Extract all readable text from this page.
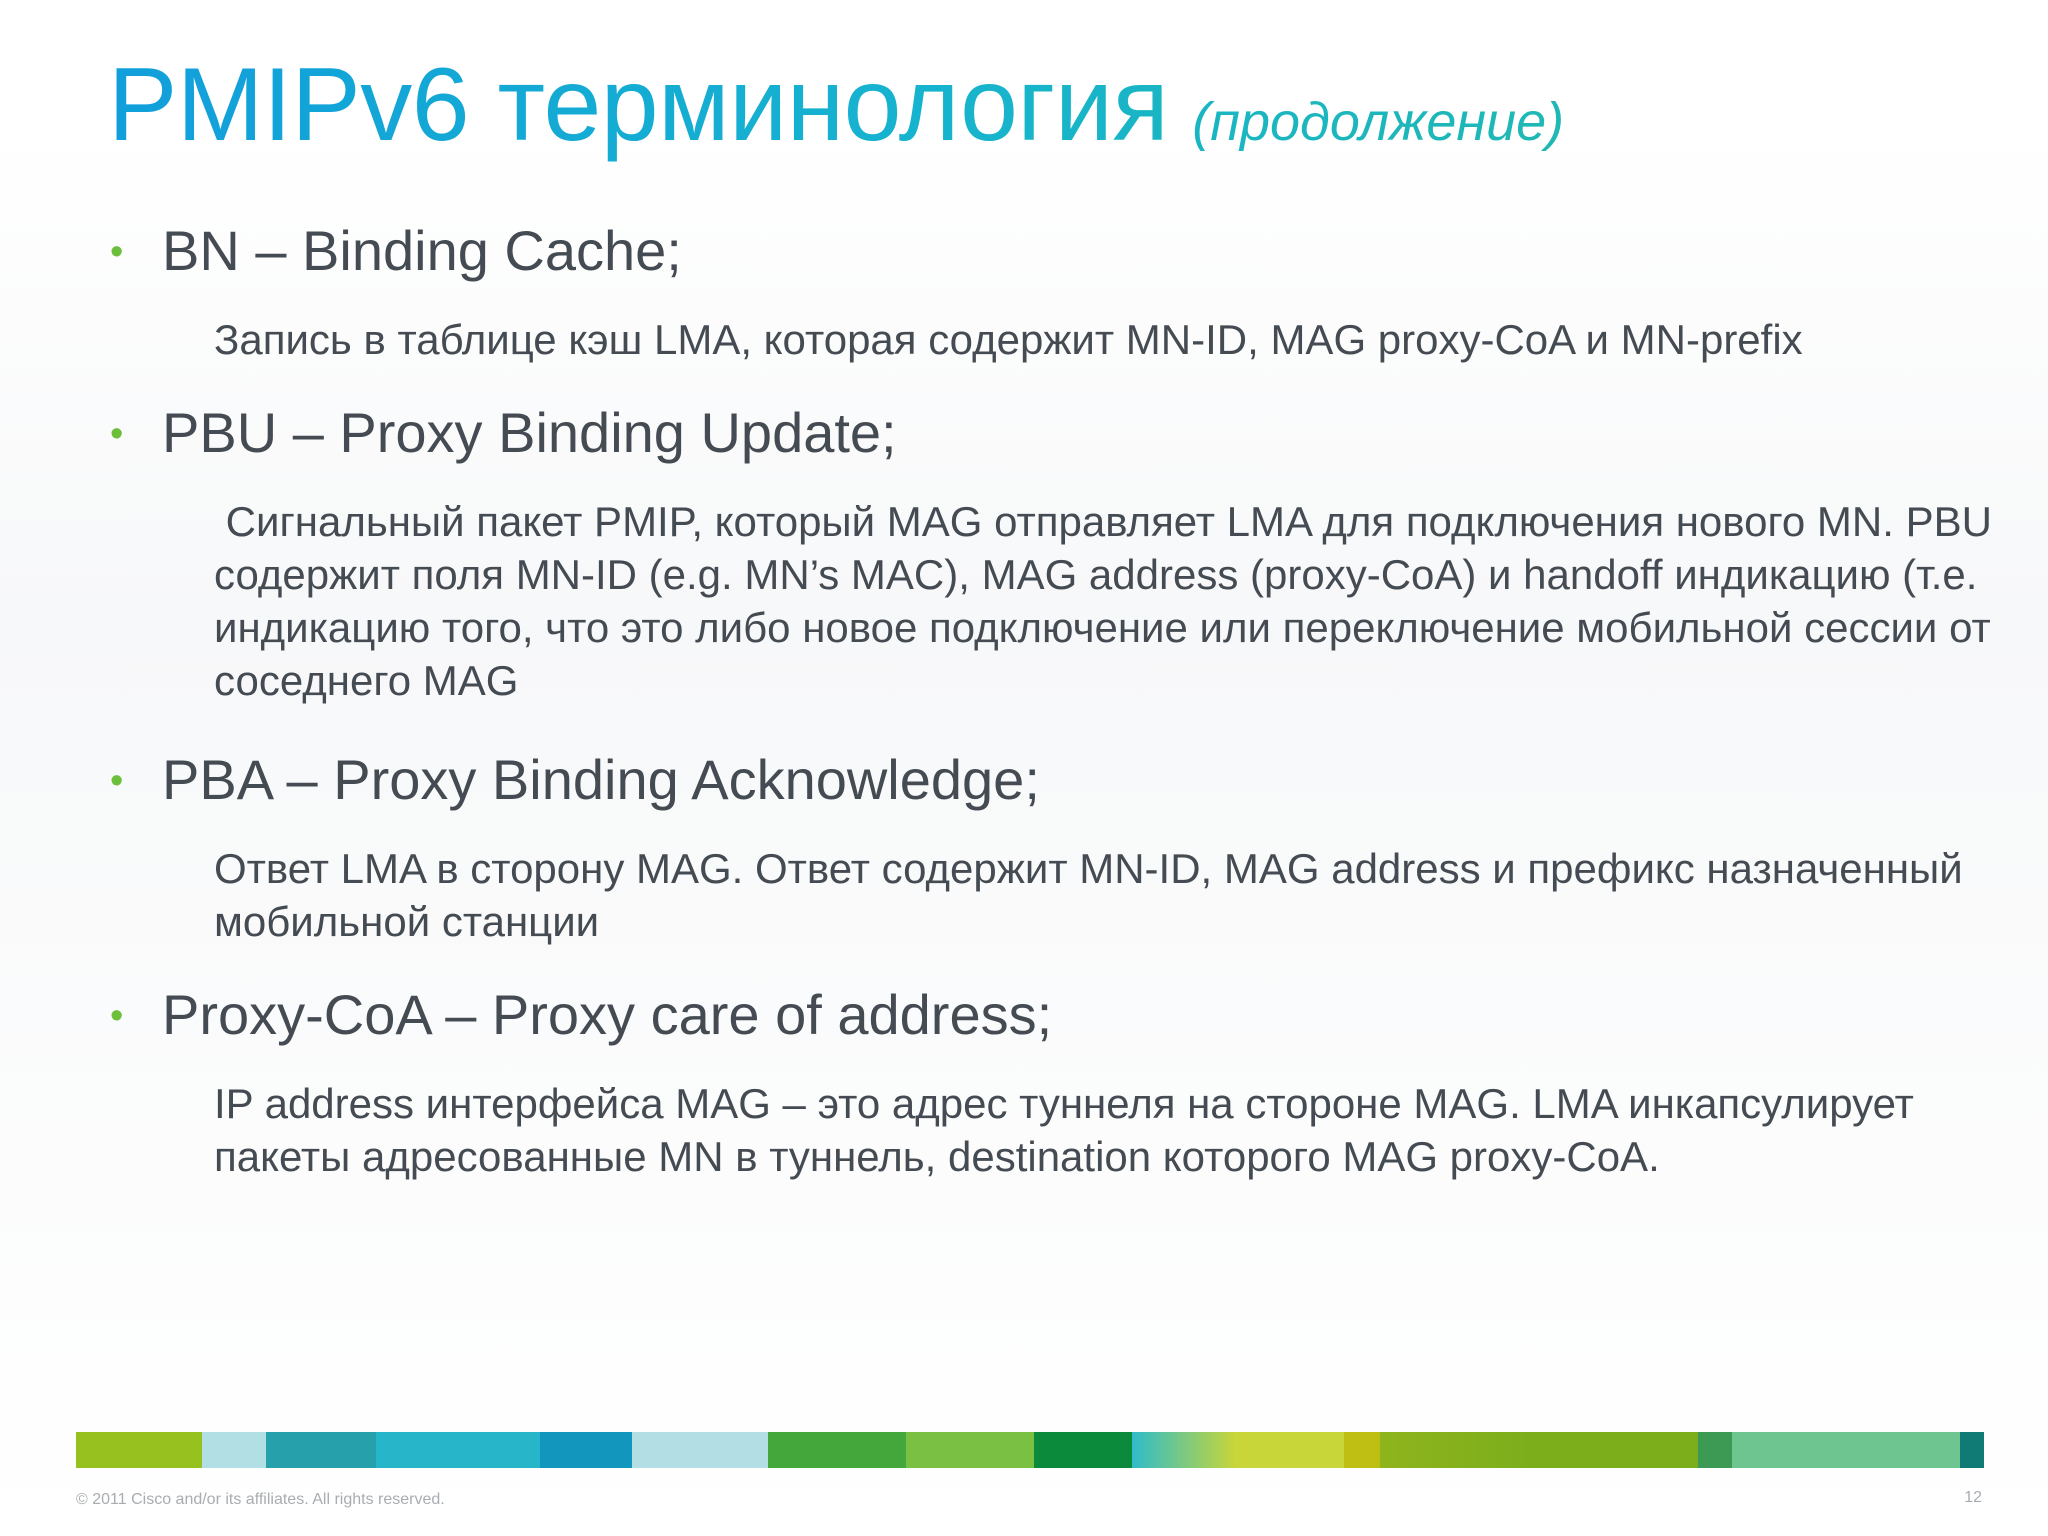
PMIPv6 терминология (продолжение)
• BN – Binding Cache;
Запись в таблице кэш LMA, которая содержит MN-ID, MAG proxy-CoA и MN-prefix
• PBU – Proxy Binding Update;
Сигнальный пакет PMIP, который MAG отправляет LMA для подключения нового MN. PBU содержит поля MN-ID (e.g. MN’s MAC), MAG address (proxy-CoA) и handoff индикацию (т.е. индикацию того, что это либо новое подключение или переключение мобильной сессии от соседнего MAG
• PBA – Proxy Binding Acknowledge;
Ответ LMA в сторону MAG. Ответ содержит MN-ID, MAG address и префикс назначенный мобильной станции
• Proxy-CoA – Proxy care of address;
IP address интерфейса MAG – это адрес туннеля на стороне MAG. LMA инкапсулирует пакеты адресованные MN в туннель, destination которого MAG proxy-CoA.
© 2011 Cisco and/or its affiliates. All rights reserved.	12
